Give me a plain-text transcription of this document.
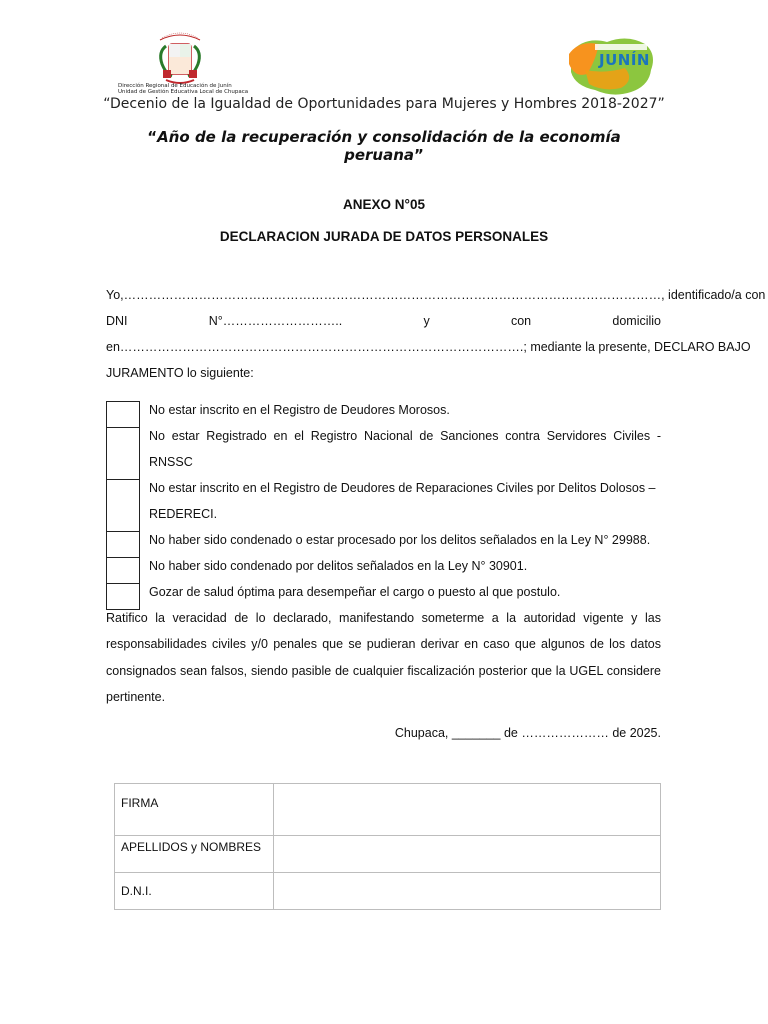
Dirección Regional de Educación de Junín
Unidad de Gestión Educativa Local de Chupaca
JUNÍN
“Decenio de la Igualdad de Oportunidades para Mujeres y Hombres 2018-2027”
“Año de la recuperación y consolidación de la economía peruana”
ANEXO N°05
DECLARACION JURADA DE DATOS PERSONALES
Yo,…………………………………………………………………………………………………………………, identificado/a con
DNI N°……………………….. y con domicilio
en…………………………………………………………………………………….; mediante la presente, DECLARO BAJO
JURAMENTO lo siguiente:
No estar inscrito en el Registro de Deudores Morosos.
No estar Registrado en el Registro Nacional de Sanciones contra Servidores Civiles -
RNSSC
No estar inscrito en el Registro de Deudores de Reparaciones Civiles por Delitos Dolosos –
REDERECI.
No haber sido condenado o estar procesado por los delitos señalados en la Ley N° 29988.
No haber sido condenado por delitos señalados en la Ley N° 30901.
Gozar de salud óptima para desempeñar el cargo o puesto al que postulo.
Ratifico la veracidad de lo declarado, manifestando someterme a la autoridad vigente y las
responsabilidades civiles y/0 penales que se pudieran derivar en caso que algunos de los datos
consignados sean falsos, siendo pasible de cualquier fiscalización posterior que la UGEL considere
pertinente.
Chupaca, _______ de ………………… de 2025.
FIRMA	
APELLIDOS y NOMBRES	
D.N.I.	
